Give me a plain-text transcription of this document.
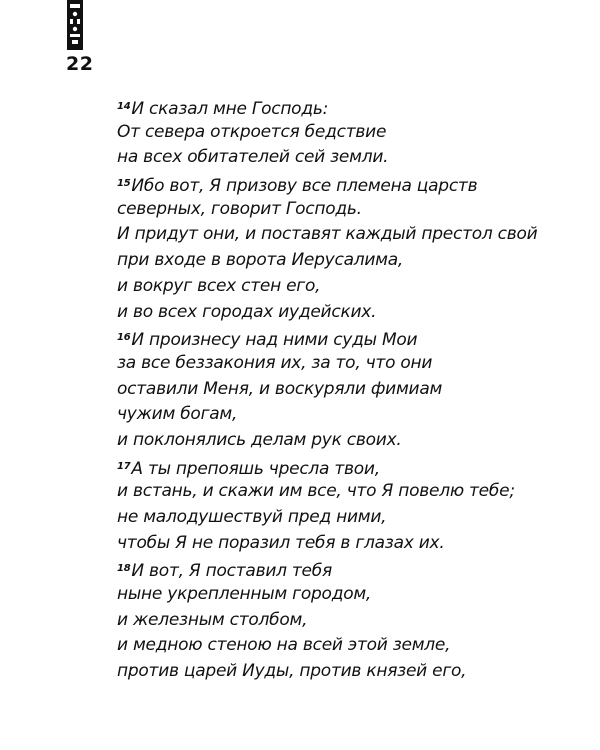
22
$^{14}$И сказал мне Господь:
От севера откроется бедствие
на всех обитателей сей земли.
$^{15}$Ибо вот, Я призову все племена царств
северных, говорит Господь.
И придут они, и поставят каждый престол свой
при входе в ворота Иерусалима,
и вокруг всех стен его,
и во всех городах иудейских.
$^{16}$И произнесу над ними суды Мои
за все беззакония их, за то, что они
оставили Меня, и воскуряли фимиам
чужим богам,
и поклонялись делам рук своих.
$^{17}$А ты препояшь чресла твои,
и встань, и скажи им все, что Я повелю тебе;
не малодушествуй пред ними,
чтобы Я не поразил тебя в глазах их.
$^{18}$И вот, Я поставил тебя
ныне укрепленным городом,
и железным столбом,
и медною стеною на всей этой земле,
против царей Иуды, против князей его,
